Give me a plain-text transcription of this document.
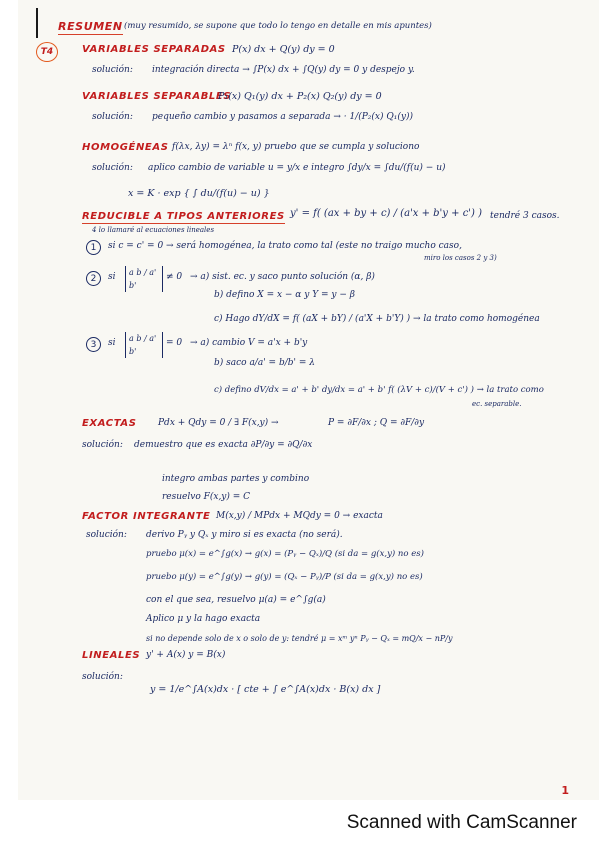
RESUMEN (muy resumido, se supone que todo lo tengo en detalle en mis apuntes)
T4	VARIABLES SEPARADAS P(x) dx + Q(y) dy = 0
solución: integración directa → ∫P(x) dx + ∫Q(y) dy = 0 y despejo y.
VARIABLES SEPARABLES
P₁(x) Q₁(y) dx + P₂(x) Q₂(y) dy = 0
solución: pequeño cambio y pasamos a separada → · 1/(P₂(x) Q₁(y))
HOMOGÉNEAS f(λx, λy) = λⁿ f(x, y) pruebo que se cumpla y soluciono
solución: aplico cambio de variable u = y/x e integro ∫dy/x = ∫du/(f(u) − u)
x = K · exp { ∫ du/(f(u) − u) }
REDUCIBLE A TIPOS ANTERIORES y' = f( (ax + by + c) / (a'x + b'y + c') ) tendré 3 casos.
4 lo llamaré al ecuaciones lineales
1	si c = c' = 0 → será homogénea, la trato como tal (este no traigo mucho caso,
miro los casos 2 y 3)
2	si a b / a' b'
≠ 0 → a) sist. ec. y saco punto solución (α, β)
b) defino X = x − α y Y = y − β
c) Hago dY/dX = f( (aX + bY) / (a'X + b'Y) ) → la trato como homogénea
3	si a b / a' b'
= 0 → a) cambio V = a'x + b'y
b) saco a/a' = b/b' = λ
c) defino dV/dx = a' + b' dy/dx = a' + b' f( (λV + c)/(V + c') ) → la trato como
ec. separable.
EXACTAS Pdx + Qdy = 0 / ∃ F(x,y) →	P = ∂F/∂x ; Q = ∂F/∂y
solución: demuestro que es exacta ∂P/∂y = ∂Q/∂x
integro ambas partes y combino
resuelvo F(x,y) = C
FACTOR INTEGRANTE M(x,y) / MPdx + MQdy = 0 → exacta
solución: derivo Pᵧ y Qₓ y miro si es exacta (no será).
pruebo μ(x) = e^∫g(x) → g(x) = (Pᵧ − Qₓ)/Q (si da = g(x,y) no es)
pruebo μ(y) = e^∫g(y) → g(y) = (Qₓ − Pᵧ)/P (si da = g(x,y) no es)
con el que sea, resuelvo μ(a) = e^∫g(a)
Aplico μ y la hago exacta
si no depende solo de x o solo de y: tendré μ = xᵐ yⁿ Pᵧ − Qₓ = mQ/x − nP/y
LINEALES y' + A(x) y = B(x)
solución:
y = 1/e^∫A(x)dx · [ cte + ∫ e^∫A(x)dx · B(x) dx ]
1
Scanned with CamScanner
